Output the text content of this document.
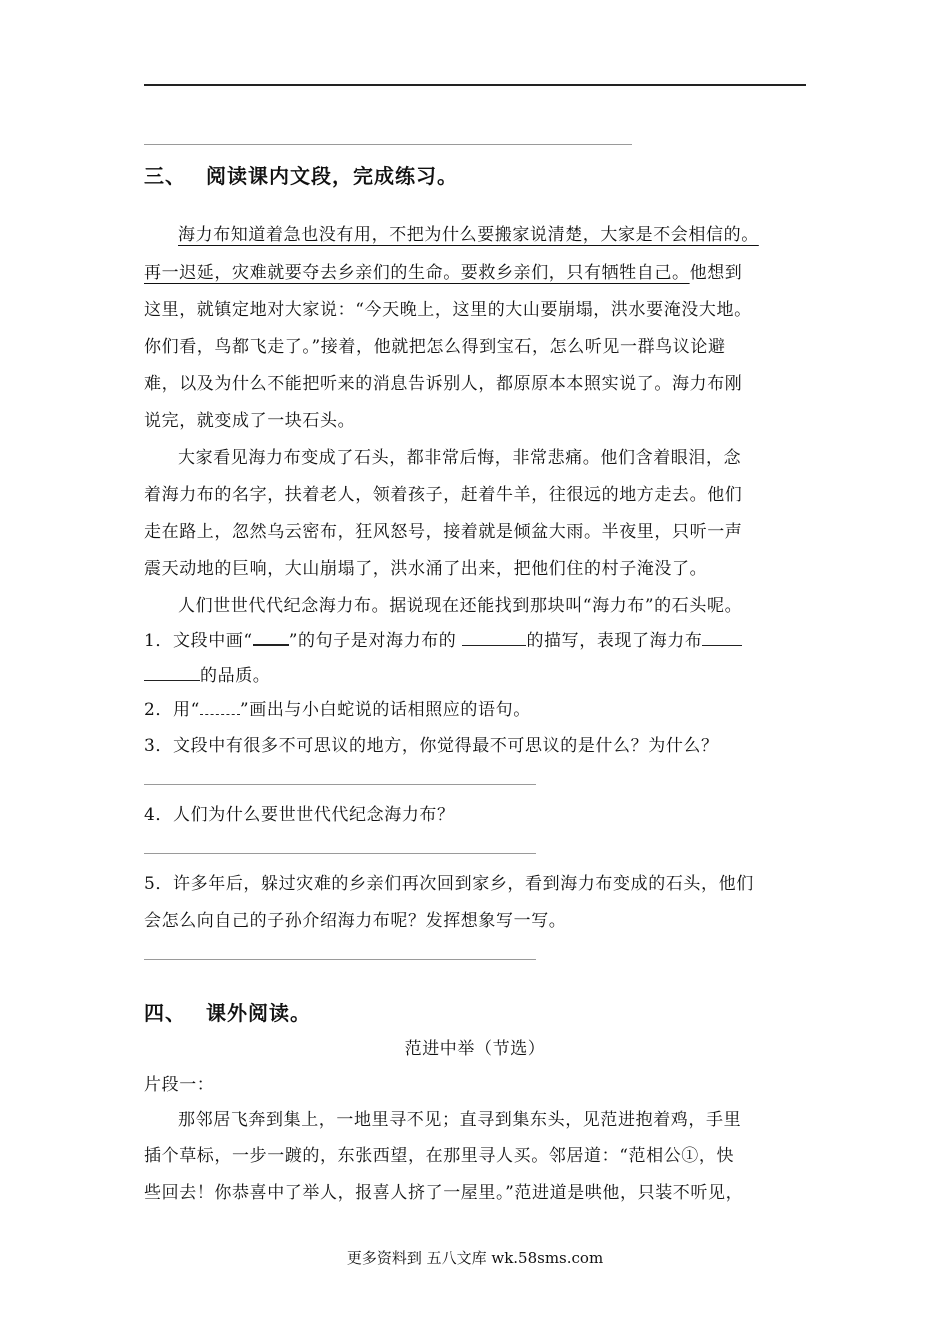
三、 阅读课内文段，完成练习。
海力布知道着急也没有用，不把为什么要搬家说清楚，大家是不会相信的。
再一迟延，灾难就要夺去乡亲们的生命。要救乡亲们，只有牺牲自己。他想到
这里，就镇定地对大家说：“今天晚上，这里的大山要崩塌，洪水要淹没大地。
你们看，鸟都飞走了。”接着，他就把怎么得到宝石，怎么听见一群鸟议论避
难，以及为什么不能把听来的消息告诉别人，都原原本本照实说了。海力布刚
说完，就变成了一块石头。
大家看见海力布变成了石头，都非常后悔，非常悲痛。他们含着眼泪，念
着海力布的名字，扶着老人，领着孩子，赶着牛羊，往很远的地方走去。他们
走在路上，忽然乌云密布，狂风怒号，接着就是倾盆大雨。半夜里，只听一声
震天动地的巨响，大山崩塌了，洪水涌了出来，把他们住的村子淹没了。
人们世世代代纪念海力布。据说现在还能找到那块叫“海力布”的石头呢。
1．文段中画“ ”的句子是对海力布的	的描写，表现了海力布
的品质。
2．用“ ”画出与小白蛇说的话相照应的语句。
3．文段中有很多不可思议的地方，你觉得最不可思议的是什么？为什么？
4．人们为什么要世世代代纪念海力布？
5．许多年后，躲过灾难的乡亲们再次回到家乡，看到海力布变成的石头，他们
会怎么向自己的子孙介绍海力布呢？发挥想象写一写。
四、 课外阅读。
范进中举（节选）
片段一：
那邻居飞奔到集上，一地里寻不见；直寻到集东头，见范进抱着鸡，手里
插个草标，一步一踱的，东张西望，在那里寻人买。邻居道：“范相公①，快
些回去！你恭喜中了举人，报喜人挤了一屋里。”范进道是哄他，只装不听见，
更多资料到 五八文库 wk.58sms.com
